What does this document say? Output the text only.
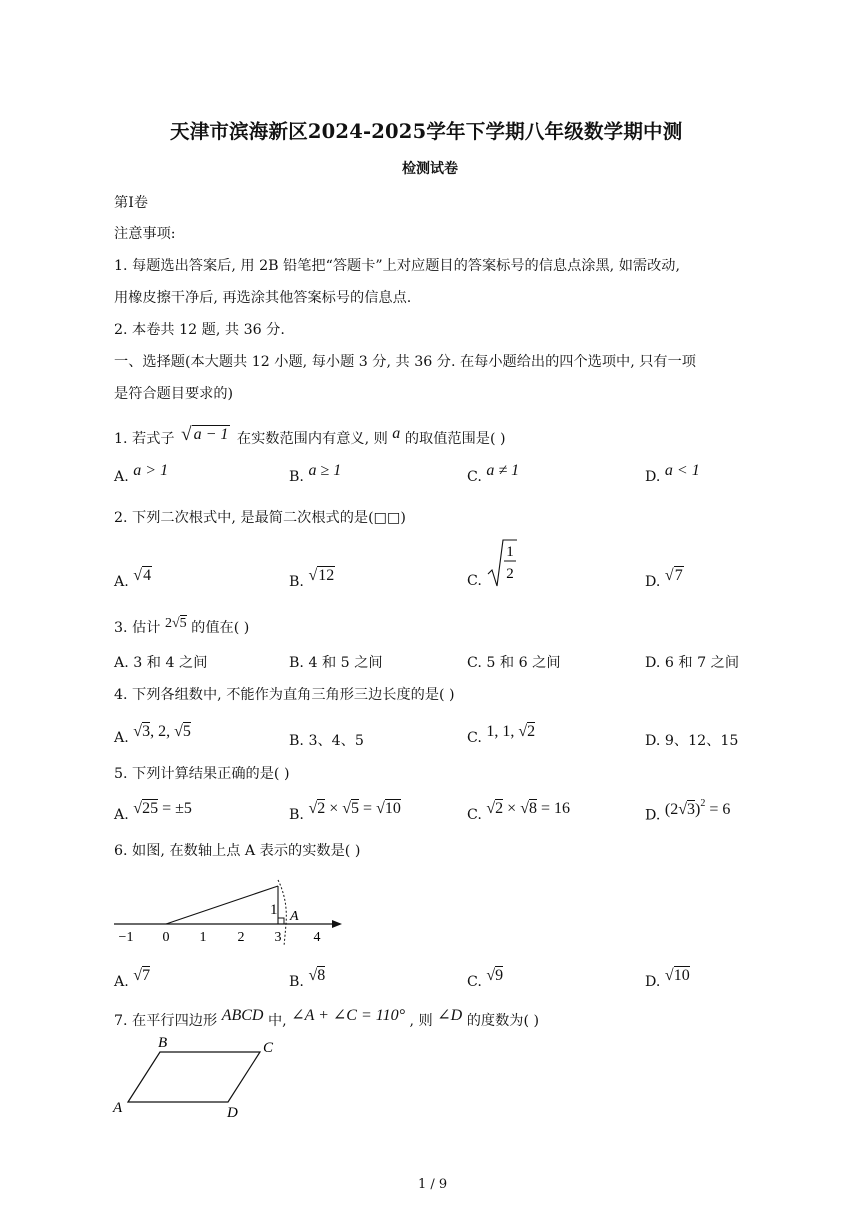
天津市滨海新区2024-2025学年下学期八年级数学期中测
检测试卷
第I卷
注意事项:
1. 每题选出答案后, 用 2B 铅笔把“答题卡”上对应题目的答案标号的信息点涂黑, 如需改动,
用橡皮擦干净后, 再选涂其他答案标号的信息点.
2. 本卷共 12 题, 共 36 分.
一、选择题(本大题共 12 小题, 每小题 3 分, 共 36 分. 在每小题给出的四个选项中, 只有一项
是符合题目要求的)
1. 若式子 √ a − 1 在实数范围内有意义, 则 a 的取值范围是( )
A. a > 1	B. a ≥ 1	C. a ≠ 1	D. a < 1
2. 下列二次根式中, 是最简二次根式的是(□□)
A. √4	B. √12	C.
1
2	D. √7
3. 估计 2√5 的值在( )
A. 3 和 4 之间	B. 4 和 5 之间	C. 5 和 6 之间	D. 6 和 7 之间
4. 下列各组数中, 不能作为直角三角形三边长度的是( )
A. √3, 2, √5
B. 3、4、5	C. 1, 1, √2
D. 9、12、15
5. 下列计算结果正确的是( )
A. √25 = ±5	B. √2 × √5 = √10	C. √2 × √8 = 16	D. $(2√3)^2 = 6$
6. 如图, 在数轴上点 A 表示的实数是( )
1 A
−1 0 1 2 3 4
A. √7	B. √8	C. √9	D. √10
7. 在平行四边形 ABCD 中, ∠A + ∠C = 110° , 则 ∠D 的度数为( )
A
B	C
D
1 / 9
